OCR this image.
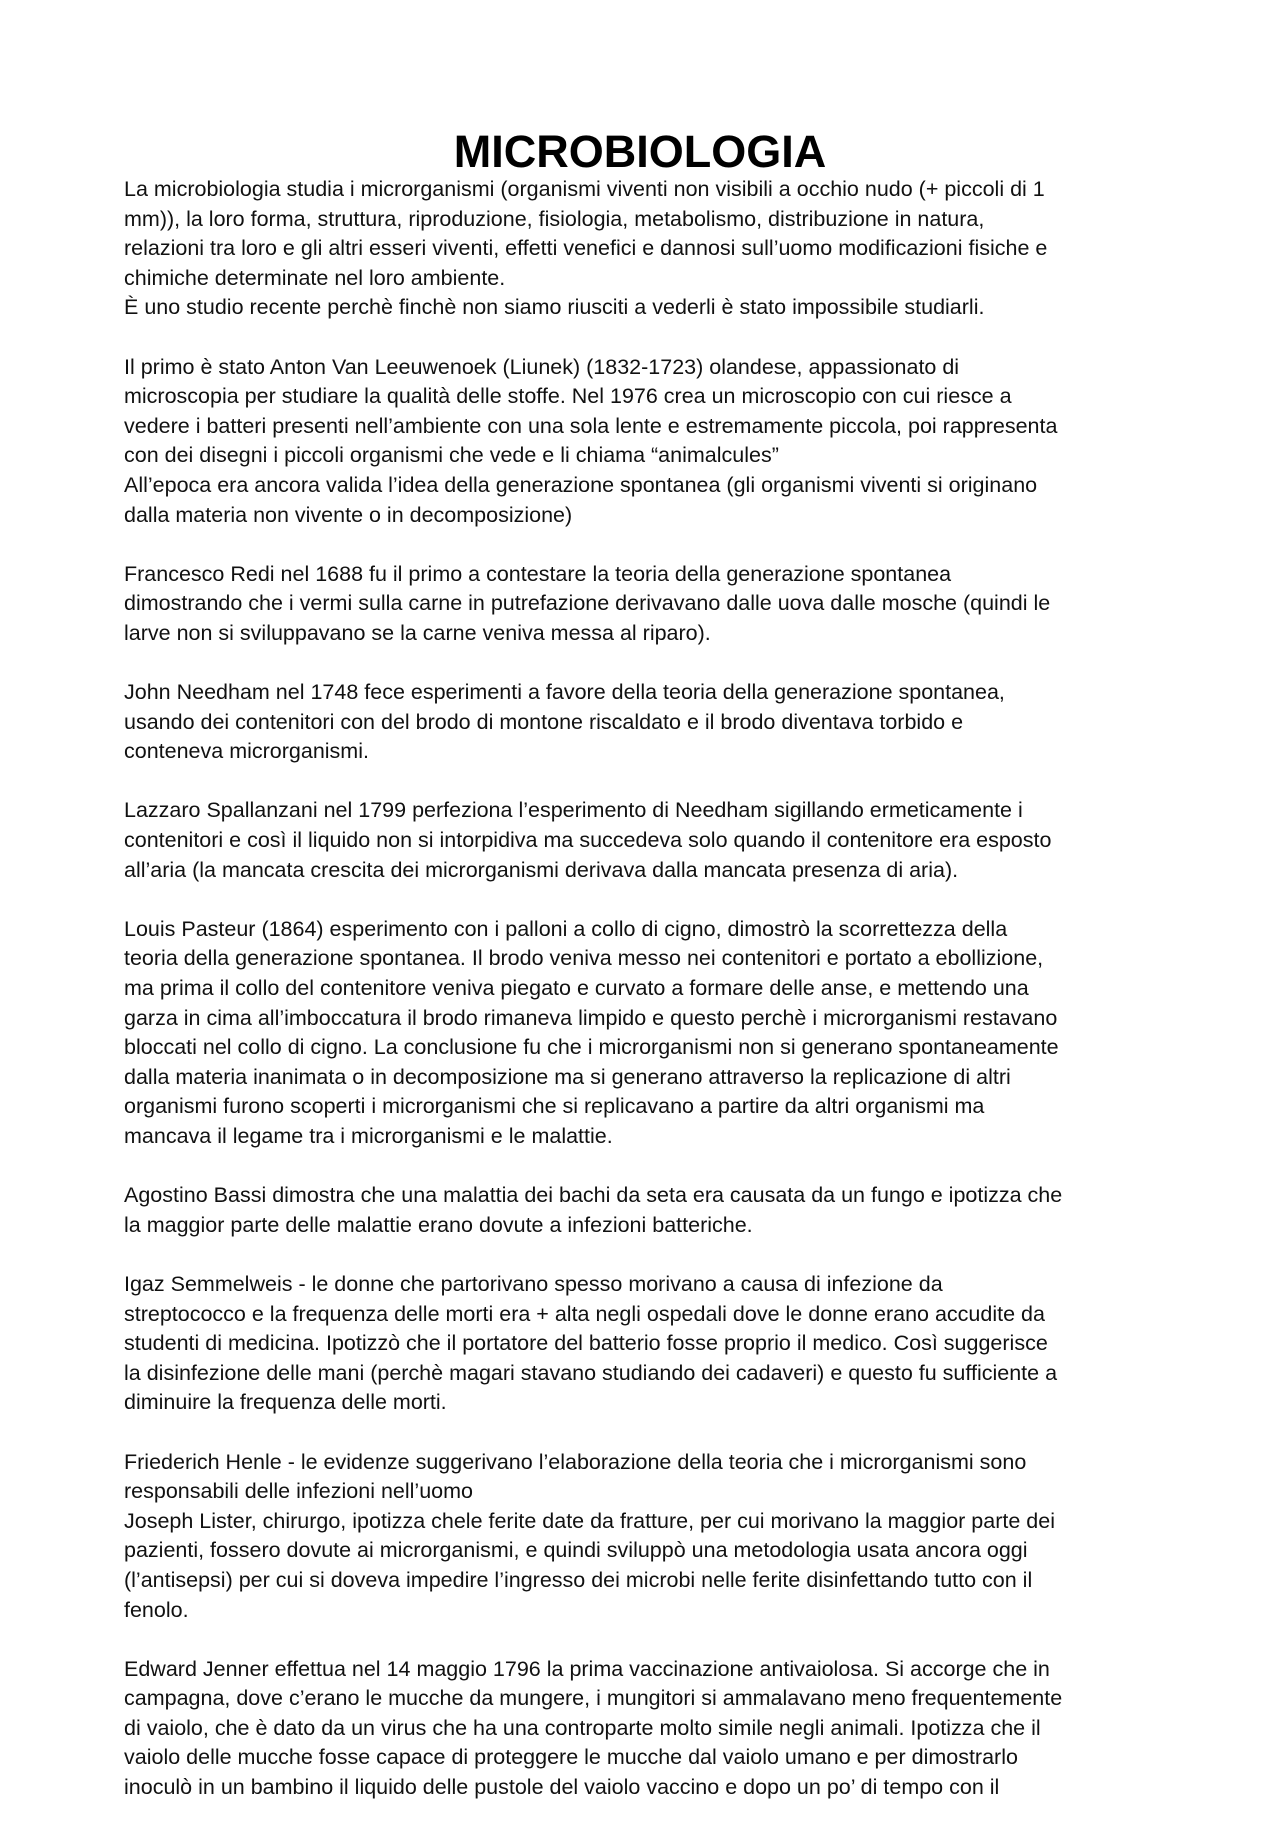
MICROBIOLOGIA

La microbiologia studia i microrganismi (organismi viventi non visibili a occhio nudo (+ piccoli di 1
mm)), la loro forma, struttura, riproduzione, fisiologia, metabolismo, distribuzione in natura,
relazioni tra loro e gli altri esseri viventi, effetti venefici e dannosi sull’uomo modificazioni fisiche e
chimiche determinate nel loro ambiente.
È uno studio recente perchè finchè non siamo riusciti a vederli è stato impossibile studiarli.

Il primo è stato Anton Van Leeuwenoek (Liunek) (1832-1723) olandese, appassionato di
microscopia per studiare la qualità delle stoffe. Nel 1976 crea un microscopio con cui riesce a
vedere i batteri presenti nell’ambiente con una sola lente e estremamente piccola, poi rappresenta
con dei disegni i piccoli organismi che vede e li chiama “animalcules”
All’epoca era ancora valida l’idea della generazione spontanea (gli organismi viventi si originano
dalla materia non vivente o in decomposizione)

Francesco Redi nel 1688 fu il primo a contestare la teoria della generazione spontanea
dimostrando che i vermi sulla carne in putrefazione derivavano dalle uova dalle mosche (quindi le
larve non si sviluppavano se la carne veniva messa al riparo).

John Needham nel 1748 fece esperimenti a favore della teoria della generazione spontanea,
usando dei contenitori con del brodo di montone riscaldato e il brodo diventava torbido e
conteneva microrganismi.

Lazzaro Spallanzani nel 1799 perfeziona l’esperimento di Needham sigillando ermeticamente i
contenitori e così il liquido non si intorpidiva ma succedeva solo quando il contenitore era esposto
all’aria (la mancata crescita dei microrganismi derivava dalla mancata presenza di aria).

Louis Pasteur (1864) esperimento con i palloni a collo di cigno, dimostrò la scorrettezza della
teoria della generazione spontanea. Il brodo veniva messo nei contenitori e portato a ebollizione,
ma prima il collo del contenitore veniva piegato e curvato a formare delle anse, e mettendo una
garza in cima all’imboccatura il brodo rimaneva limpido e questo perchè i microrganismi restavano
bloccati nel collo di cigno. La conclusione fu che i microrganismi non si generano spontaneamente
dalla materia inanimata o in decomposizione ma si generano attraverso la replicazione di altri
organismi furono scoperti i microrganismi che si replicavano a partire da altri organismi ma
mancava il legame tra i microrganismi e le malattie.

Agostino Bassi dimostra che una malattia dei bachi da seta era causata da un fungo e ipotizza che
la maggior parte delle malattie erano dovute a infezioni batteriche.

Igaz Semmelweis - le donne che partorivano spesso morivano a causa di infezione da
streptococco e la frequenza delle morti era + alta negli ospedali dove le donne erano accudite da
studenti di medicina. Ipotizzò che il portatore del batterio fosse proprio il medico. Così suggerisce
la disinfezione delle mani (perchè magari stavano studiando dei cadaveri) e questo fu sufficiente a
diminuire la frequenza delle morti.

Friederich Henle - le evidenze suggerivano l’elaborazione della teoria che i microrganismi sono
responsabili delle infezioni nell’uomo
Joseph Lister, chirurgo, ipotizza chele ferite date da fratture, per cui morivano la maggior parte dei
pazienti, fossero dovute ai microrganismi, e quindi sviluppò una metodologia usata ancora oggi
(l’antisepsi) per cui si doveva impedire l’ingresso dei microbi nelle ferite disinfettando tutto con il
fenolo.

Edward Jenner effettua nel 14 maggio 1796 la prima vaccinazione antivaiolosa. Si accorge che in
campagna, dove c’erano le mucche da mungere, i mungitori si ammalavano meno frequentemente
di vaiolo, che è dato da un virus che ha una controparte molto simile negli animali. Ipotizza che il
vaiolo delle mucche fosse capace di proteggere le mucche dal vaiolo umano e per dimostrarlo
inoculò in un bambino il liquido delle pustole del vaiolo vaccino e dopo un po’ di tempo con il
